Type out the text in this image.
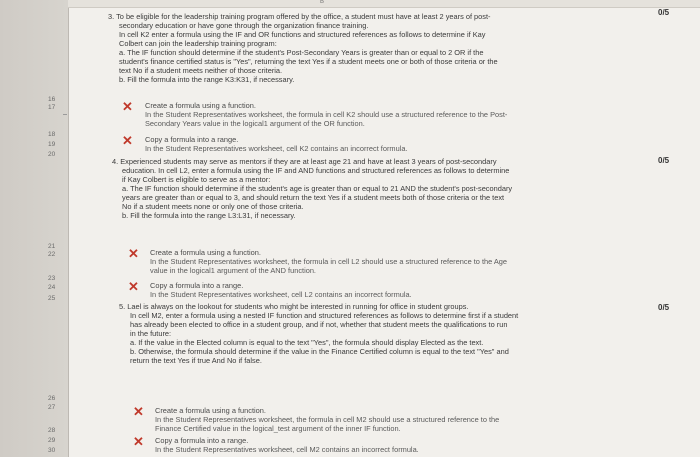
16
17
18
19
20
21
22
23
24
25
26
27
28
29
30
B
0/5
3. To be eligible for the leadership training program offered by the office, a student must have at least 2 years of post-
secondary education or have gone through the organization finance training.
In cell K2 enter a formula using the IF and OR functions and structured references as follows to determine if Kay
Colbert can join the leadership training program:
a. The IF function should determine if the student's Post-Secondary Years is greater than or equal to 2 OR if the
student's finance certified status is "Yes", returning the text Yes if a student meets one or both of those criteria or the
text No if a student meets neither of those criteria.
b. Fill the formula into the range K3:K31, if necessary.
✕ Create a formula using a function.
In the Student Representatives worksheet, the formula in cell K2 should use a structured reference to the Post-
Secondary Years value in the logical1 argument of the OR function.
✕ Copy a formula into a range.
In the Student Representatives worksheet, cell K2 contains an incorrect formula.
0/5
4. Experienced students may serve as mentors if they are at least age 21 and have at least 3 years of post-secondary
education. In cell L2, enter a formula using the IF and AND functions and structured references as follows to determine
if Kay Colbert is eligible to serve as a mentor:
a. The IF function should determine if the student's age is greater than or equal to 21 AND the student's post-secondary
years are greater than or equal to 3, and should return the text Yes if a student meets both of those criteria or the text
No if a student meets none or only one of those criteria.
b. Fill the formula into the range L3:L31, if necessary.
✕ Create a formula using a function.
In the Student Representatives worksheet, the formula in cell L2 should use a structured reference to the Age
value in the logical1 argument of the AND function.
✕ Copy a formula into a range.
In the Student Representatives worksheet, cell L2 contains an incorrect formula.
0/5
5. Lael is always on the lookout for students who might be interested in running for office in student groups.
In cell M2, enter a formula using a nested IF function and structured references as follows to determine first if a student
has already been elected to office in a student group, and if not, whether that student meets the qualifications to run
in the future:
a. If the value in the Elected column is equal to the text "Yes", the formula should display Elected as the text.
b. Otherwise, the formula should determine if the value in the Finance Certified column is equal to the text "Yes" and
return the text Yes if true And No if false.
✕ Create a formula using a function.
In the Student Representatives worksheet, the formula in cell M2 should use a structured reference to the
Finance Certified value in the logical_test argument of the inner IF function.
✕ Copy a formula into a range.
In the Student Representatives worksheet, cell M2 contains an incorrect formula.
